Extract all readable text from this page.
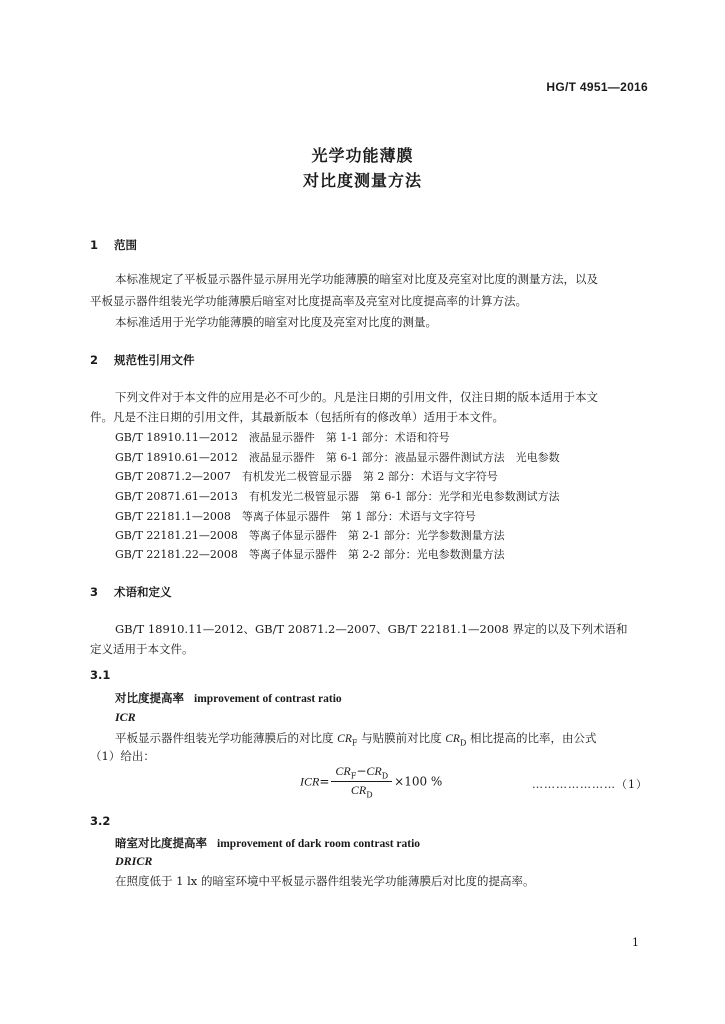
HG/T 4951—2016
光学功能薄膜
对比度测量方法
1 范围
本标准规定了平板显示器件显示屏用光学功能薄膜的暗室对比度及亮室对比度的测量方法，以及
平板显示器件组装光学功能薄膜后暗室对比度提高率及亮室对比度提高率的计算方法。
本标准适用于光学功能薄膜的暗室对比度及亮室对比度的测量。
2 规范性引用文件
下列文件对于本文件的应用是必不可少的。凡是注日期的引用文件，仅注日期的版本适用于本文
件。凡是不注日期的引用文件，其最新版本（包括所有的修改单）适用于本文件。
GB/T 18910.11—2012　液晶显示器件　第 1-1 部分：术语和符号
GB/T 18910.61—2012　液晶显示器件　第 6-1 部分：液晶显示器件测试方法　光电参数
GB/T 20871.2—2007　有机发光二极管显示器　第 2 部分：术语与文字符号
GB/T 20871.61—2013　有机发光二极管显示器　第 6-1 部分：光学和光电参数测试方法
GB/T 22181.1—2008　等离子体显示器件　第 1 部分：术语与文字符号
GB/T 22181.21—2008　等离子体显示器件　第 2-1 部分：光学参数测量方法
GB/T 22181.22—2008　等离子体显示器件　第 2-2 部分：光电参数测量方法
3 术语和定义
GB/T 18910.11—2012、GB/T 20871.2—2007、GB/T 22181.1—2008 界定的以及下列术语和
定义适用于本文件。
3.1
对比度提高率 improvement of contrast ratio
ICR
平板显示器件组装光学功能薄膜后的对比度 $CR_F$ 与贴膜前对比度 $CR_D$ 相比提高的比率，由公式
（1）给出：
$ICR= \frac{CR_F-CR_D}{CR_D} \times 100$ %	…………………（1）
3.2
暗室对比度提高率 improvement of dark room contrast ratio
DRICR
在照度低于 1 lx 的暗室环境中平板显示器件组装光学功能薄膜后对比度的提高率。
1
